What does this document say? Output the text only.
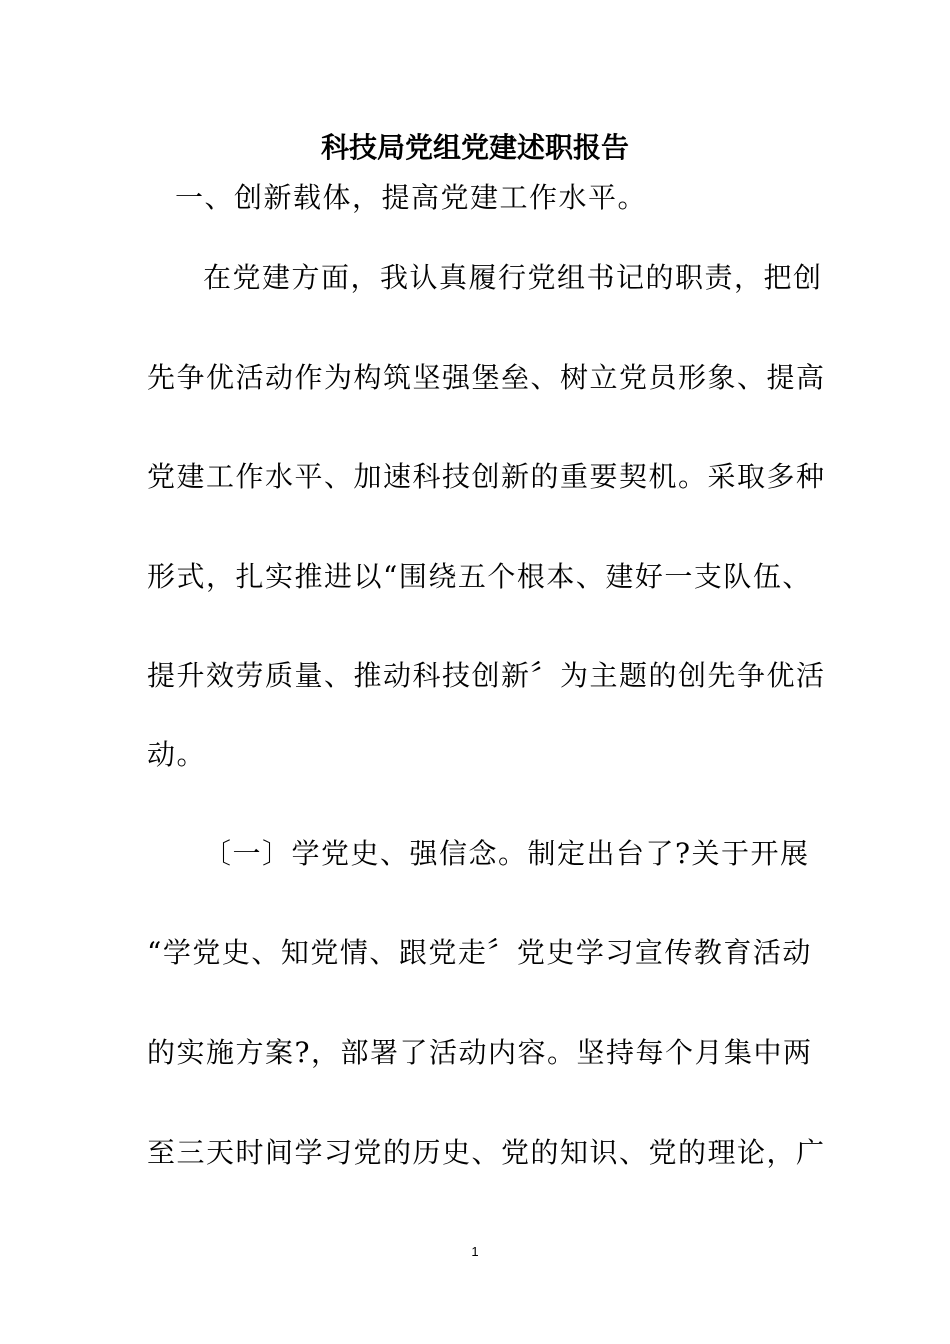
科技局党组党建述职报告
一、创新载体，提高党建工作水平。
在党建方面，我认真履行党组书记的职责，把创
先争优活动作为构筑坚强堡垒、树立党员形象、提高
党建工作水平、加速科技创新的重要契机。采取多种
形式，扎实推进以“围绕五个根本、建好一支队伍、
提升效劳质量、推动科技创新〞为主题的创先争优活
动。
〔一〕学党史、强信念。制定出台了?关于开展
“学党史、知党情、跟党走〞党史学习宣传教育活动
的实施方案?，部署了活动内容。坚持每个月集中两
至三天时间学习党的历史、党的知识、党的理论，广
1
